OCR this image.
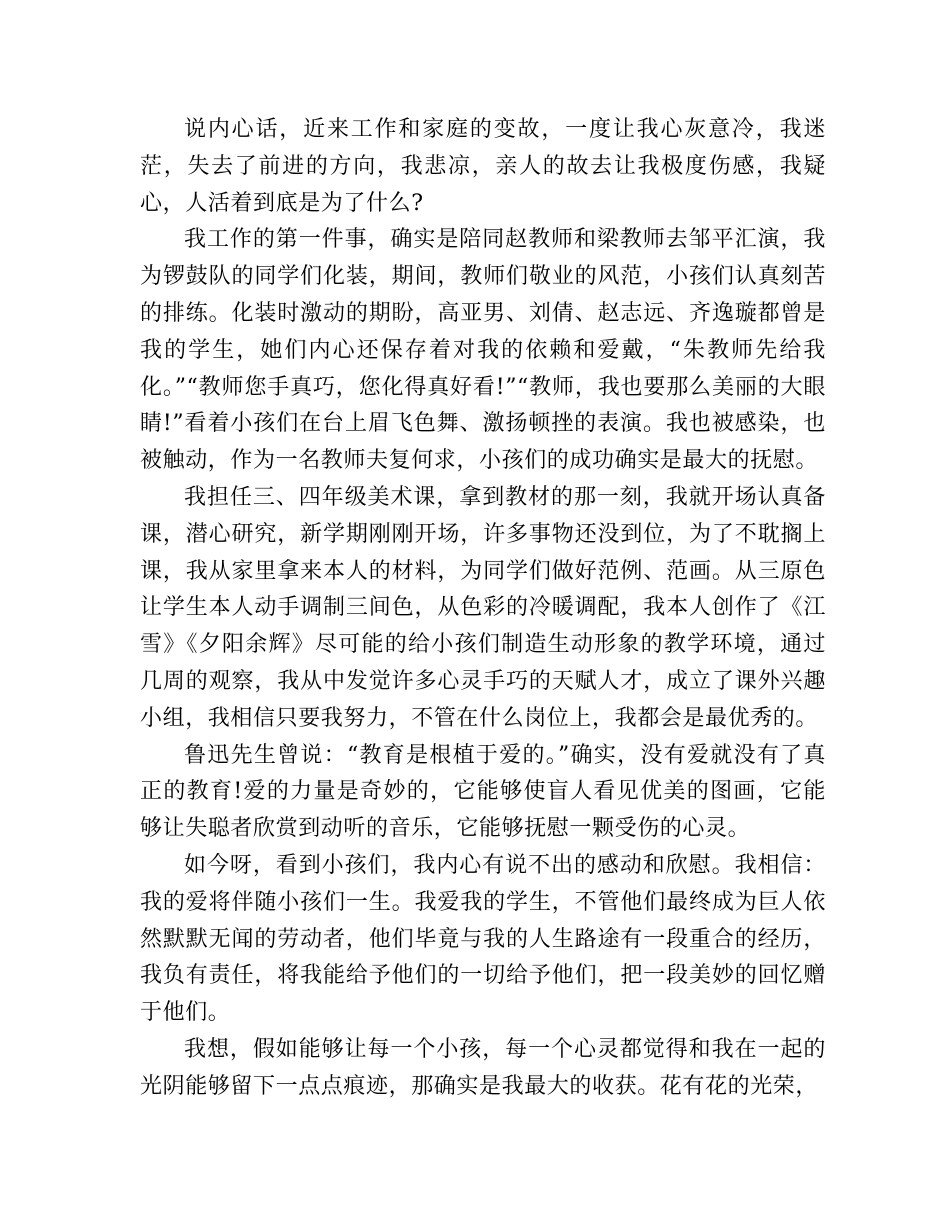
说内心话，近来工作和家庭的变故，一度让我心灰意冷，我迷茫，失去了前进的方向，我悲凉，亲人的故去让我极度伤感，我疑心，人活着到底是为了什么?

我工作的第一件事，确实是陪同赵教师和梁教师去邹平汇演，我为锣鼓队的同学们化装，期间，教师们敬业的风范，小孩们认真刻苦的排练。化装时激动的期盼，高亚男、刘倩、赵志远、齐逸璇都曾是我的学生，她们内心还保存着对我的依赖和爱戴，“朱教师先给我化。”“教师您手真巧，您化得真好看!”“教师，我也要那么美丽的大眼睛!”看着小孩们在台上眉飞色舞、激扬顿挫的表演。我也被感染，也被触动，作为一名教师夫复何求，小孩们的成功确实是最大的抚慰。

我担任三、四年级美术课，拿到教材的那一刻，我就开场认真备课，潜心研究，新学期刚刚开场，许多事物还没到位，为了不耽搁上课，我从家里拿来本人的材料，为同学们做好范例、范画。从三原色让学生本人动手调制三间色，从色彩的冷暖调配，我本人创作了《江雪》《夕阳余辉》尽可能的给小孩们制造生动形象的教学环境，通过几周的观察，我从中发觉许多心灵手巧的天赋人才，成立了课外兴趣小组，我相信只要我努力，不管在什么岗位上，我都会是最优秀的。

鲁迅先生曾说：“教育是根植于爱的。”确实，没有爱就没有了真正的教育!爱的力量是奇妙的，它能够使盲人看见优美的图画，它能够让失聪者欣赏到动听的音乐，它能够抚慰一颗受伤的心灵。

如今呀，看到小孩们，我内心有说不出的感动和欣慰。我相信：我的爱将伴随小孩们一生。我爱我的学生，不管他们最终成为巨人依然默默无闻的劳动者，他们毕竟与我的人生路途有一段重合的经历，我负有责任，将我能给予他们的一切给予他们，把一段美妙的回忆赠于他们。

我想，假如能够让每一个小孩，每一个心灵都觉得和我在一起的光阴能够留下一点点痕迹，那确实是我最大的收获。花有花的光荣，
